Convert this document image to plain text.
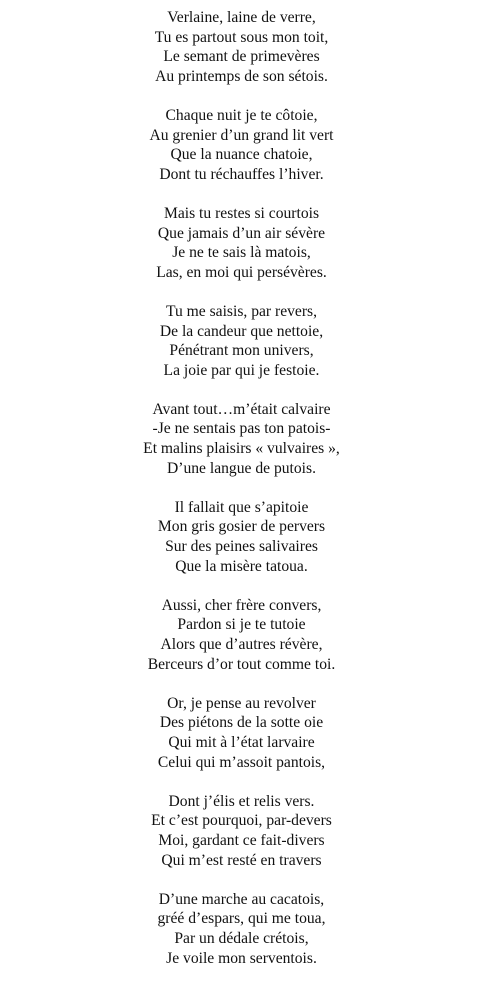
Verlaine, laine de verre,
Tu es partout sous mon toit,
Le semant de primevères
Au printemps de son sétois.
Chaque nuit je te côtoie,
Au grenier d’un grand lit vert
Que la nuance chatoie,
Dont tu réchauffes l’hiver.
Mais tu restes si courtois
Que jamais d’un air sévère
Je ne te sais là matois,
Las, en moi qui persévères.
Tu me saisis, par revers,
De la candeur que nettoie,
Pénétrant mon univers,
La joie par qui je festoie.
Avant tout…m’était calvaire
-Je ne sentais pas ton patois-
Et malins plaisirs « vulvaires »,
D’une langue de putois.
Il fallait que s’apitoie
Mon gris gosier de pervers
Sur des peines salivaires
Que la misère tatoua.
Aussi, cher frère convers,
Pardon si je te tutoie
Alors que d’autres révère,
Berceurs d’or tout comme toi.
Or, je pense au revolver
Des piétons de la sotte oie
Qui mit à l’état larvaire
Celui qui m’assoit pantois,
Dont j’élis et relis vers.
Et c’est pourquoi, par-devers
Moi, gardant ce fait-divers
Qui m’est resté en travers
D’une marche au cacatois,
gréé d’espars, qui me toua,
Par un dédale crétois,
Je voile mon serventois.
